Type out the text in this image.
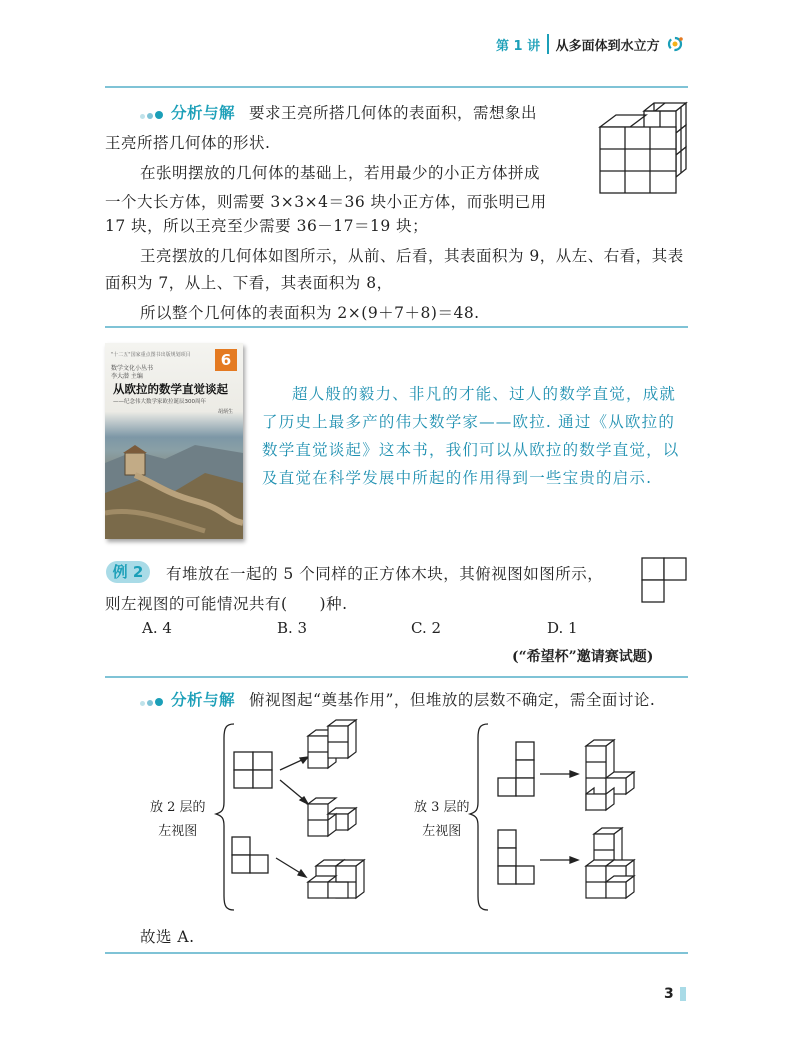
第 1 讲 从多面体到水立方
分析与解 要求王亮所搭几何体的表面积，需想象出
王亮所搭几何体的形状.
在张明摆放的几何体的基础上，若用最少的小正方体拼成
一个大长方体，则需要 3×3×4＝36 块小正方体，而张明已用
17 块，所以王亮至少需要 36－17＝19 块；
王亮摆放的几何体如图所示，从前、后看，其表面积为 9，从左、右看，其表
面积为 7，从上、下看，其表面积为 8，
所以整个几何体的表面积为 2×(9＋7＋8)＝48.
"十二五"国家重点图书出版规划项目
数学文化小丛书
李大潜 主编
6
从欧拉的数学直觉谈起
——纪念伟大数学家欧拉诞辰300周年
胡炳生
超人般的毅力、非凡的才能、过人的数学直觉，成就
了历史上最多产的伟大数学家——欧拉. 通过《从欧拉的
数学直觉谈起》这本书，我们可以从欧拉的数学直觉，以
及直觉在科学发展中所起的作用得到一些宝贵的启示.
例 2	有堆放在一起的 5 个同样的正方体木块，其俯视图如图所示，
则左视图的可能情况共有(　　)种.
A. 4	B. 3	C. 2	D. 1
(“希望杯”邀请赛试题)
分析与解 俯视图起“奠基作用”，但堆放的层数不确定，需全面讨论.
放 2 层的
左视图
放 3 层的
左视图
故选 A.
3
